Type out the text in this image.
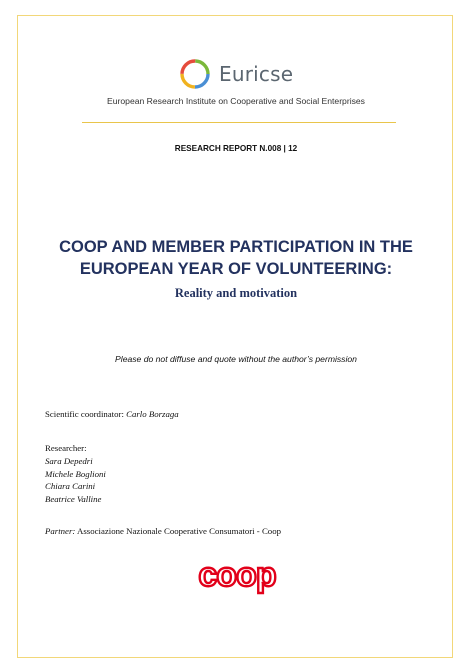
Euricse
European Research Institute on Cooperative and Social Enterprises
RESEARCH REPORT N.008 | 12
COOP AND MEMBER PARTICIPATION IN THE
EUROPEAN YEAR OF VOLUNTEERING:
Reality and motivation
Please do not diffuse and quote without the author’s permission
Scientific coordinator: Carlo Borzaga
Researcher:
Sara Depedri
Michele Boglioni
Chiara Carini
Beatrice Valline
Partner: Associazione Nazionale Cooperative Consumatori - Coop
coop
